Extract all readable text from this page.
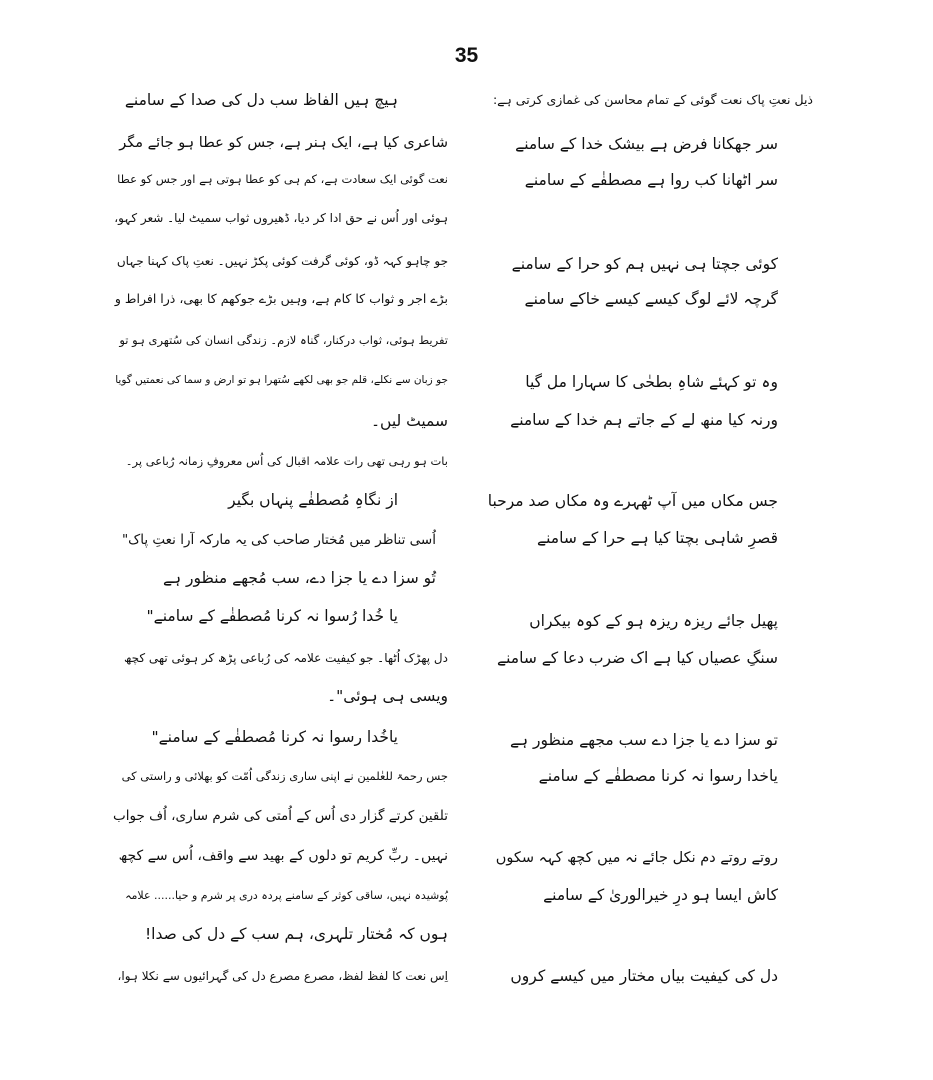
35
ذیل نعتِ پاک نعت گوئی کے تمام محاسن کی غمازی کرتی ہے:
سر جھکانا فرض ہے بیشک خدا کے سامنے
سر اٹھانا کب روا ہے مصطفٰے کے سامنے
کوئی جچتا ہی نہیں ہم کو حرا کے سامنے
گرچہ لائے لوگ کیسے کیسے خاکے سامنے
وہ تو کہئے شاہِ بطحٰی کا سہارا مل گیا
ورنہ کیا منھ لے کے جاتے ہم خدا کے سامنے
جس مکاں میں آپ ٹھہرے وہ مکاں صد مرحبا
قصرِ شاہی بچتا کیا ہے حرا کے سامنے
پھیل جائے ریزہ ریزہ ہو کے کوہ بیکراں
سنگِ عصیاں کیا ہے اک ضرب دعا کے سامنے
تو سزا دے یا جزا دے سب مجھے منظور ہے
یاخدا رسوا نہ کرنا مصطفٰے کے سامنے
روتے روتے دم نکل جائے نہ میں کچھ کہہ سکوں
کاش ایسا ہو درِ خیرالوریٰ کے سامنے
دل کی کیفیت بیاں مختار میں کیسے کروں
ہیچ ہیں الفاظ سب دل کی صدا کے سامنے
شاعری کیا ہے، ایک ہنر ہے، جس کو عطا ہو جائے مگر
نعت گوئی ایک سعادت ہے، کم ہی کو عطا ہوتی ہے اور جس کو عطا
ہوئی اور اُس نے حق ادا کر دیا، ڈھیروں ثواب سمیٹ لیا۔ شعر کہو،
جو چاہو کہہ ڈو، کوئی گرفت کوئی پکڑ نہیں۔ نعتِ پاک کہنا جہاں
بڑے اجر و ثواب کا کام ہے، وہیں بڑے جوکھم کا بھی، ذرا افراط و
تفریط ہوئی، ثواب درکنار، گناہ لازم۔ زندگی انسان کی سُتھری ہو تو
جو زبان سے نکلے، قلم جو بھی لکھے سُتھرا ہو تو ارض و سما کی نعمتیں گویا
سمیٹ لیں۔
بات ہو رہی تھی رات علامہ اقبال کی اُس معروفِ زمانہ رُباعی پر۔
از نگاہِ مُصطفٰے پنہاں بگیر
اُسی تناظر میں مُختار صاحب کی یہ مارکہ آرا نعتِ پاک"
تُو سزا دے یا جزا دے، سب مُجھے منظور ہے
یا خُدا رُسوا نہ کرنا مُصطفٰے کے سامنے"
دل پھڑک اُٹھا۔ جو کیفیت علامہ کی رُباعی پڑھ کر ہوئی تھی کچھ
ویسی ہی ہوئی"۔
یاخُدا رسوا نہ کرنا مُصطفٰے کے سامنے"
جس رحمۃ للعٰلمین نے اپنی ساری زندگی اُمّت کو بھلائی و راستی کی
تلقین کرتے گزار دی اُس کے اُمتی کی شرم ساری، اُف جواب
نہیں۔ ربِّ کریم تو دلوں کے بھید سے واقف، اُس سے کچھ
پُوشیدہ نہیں، ساقی کوثر کے سامنے پردہ دری پر شرم و حیا...... علامہ
ہوں کہ مُختار تلہری، ہم سب کے دل کی صدا!
اِس نعت کا لفظ لفظ، مصرع مصرع دل کی گہرائیوں سے نکلا ہوا،
